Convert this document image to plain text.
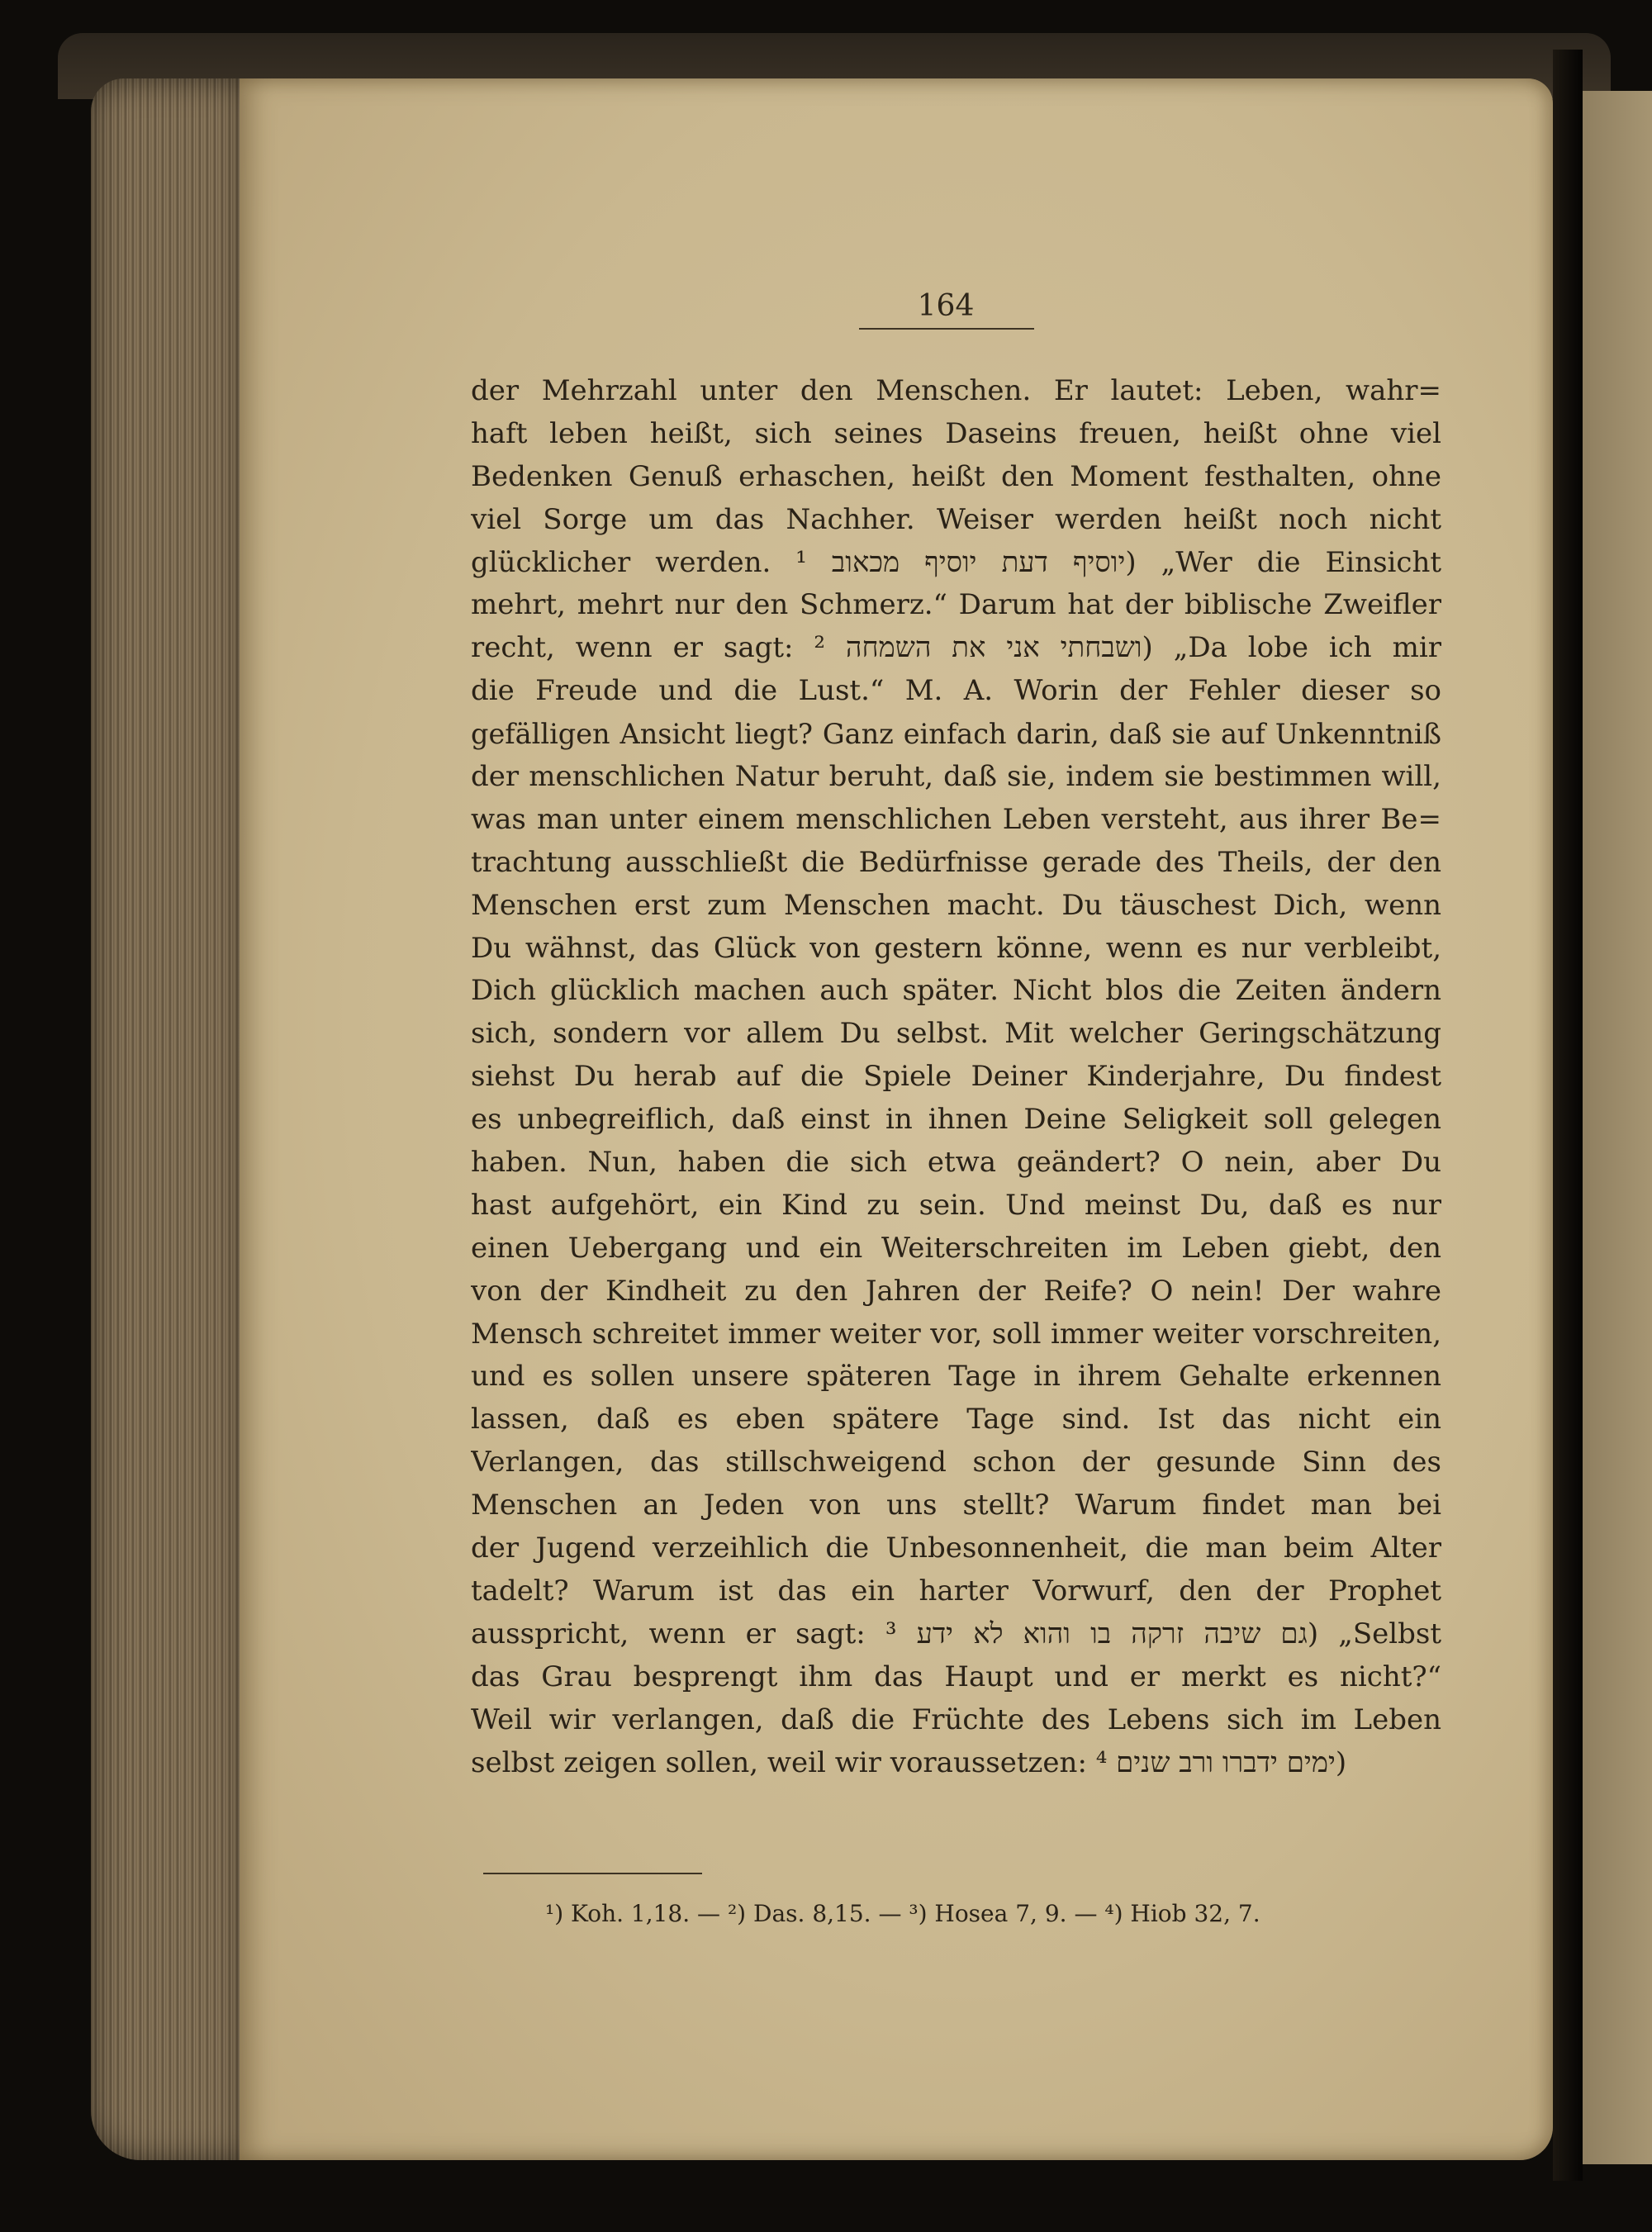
164
der Mehrzahl unter den Menschen. Er lautet: Leben, wahr=
haft leben heißt, sich seines Daseins freuen, heißt ohne viel
Bedenken Genuß erhaschen, heißt den Moment festhalten, ohne
viel Sorge um das Nachher. Weiser werden heißt noch nicht
glücklicher werden. יוסיף דעת יוסיף מכאוב ¹) „Wer die Einsicht
mehrt, mehrt nur den Schmerz.“ Darum hat der biblische Zweifler
recht, wenn er sagt: ושבחתי אני את השמחה ²) „Da lobe ich mir
die Freude und die Lust.“ M. A. Worin der Fehler dieser so
gefälligen Ansicht liegt? Ganz einfach darin, daß sie auf Unkenntniß
der menschlichen Natur beruht, daß sie, indem sie bestimmen will,
was man unter einem menschlichen Leben versteht, aus ihrer Be=
trachtung ausschließt die Bedürfnisse gerade des Theils, der den
Menschen erst zum Menschen macht. Du täuschest Dich, wenn
Du wähnst, das Glück von gestern könne, wenn es nur verbleibt,
Dich glücklich machen auch später. Nicht blos die Zeiten ändern
sich, sondern vor allem Du selbst. Mit welcher Geringschätzung
siehst Du herab auf die Spiele Deiner Kinderjahre, Du findest
es unbegreiflich, daß einst in ihnen Deine Seligkeit soll gelegen
haben. Nun, haben die sich etwa geändert? O nein, aber Du
hast aufgehört, ein Kind zu sein. Und meinst Du, daß es nur
einen Uebergang und ein Weiterschreiten im Leben giebt, den
von der Kindheit zu den Jahren der Reife? O nein! Der wahre
Mensch schreitet immer weiter vor, soll immer weiter vorschreiten,
und es sollen unsere späteren Tage in ihrem Gehalte erkennen
lassen, daß es eben spätere Tage sind. Ist das nicht ein
Verlangen, das stillschweigend schon der gesunde Sinn des
Menschen an Jeden von uns stellt? Warum findet man bei
der Jugend verzeihlich die Unbesonnenheit, die man beim Alter
tadelt? Warum ist das ein harter Vorwurf, den der Prophet
ausspricht, wenn er sagt: גם שיבה זרקה בו והוא לא ידע ³) „Selbst
das Grau besprengt ihm das Haupt und er merkt es nicht?“
Weil wir verlangen, daß die Früchte des Lebens sich im Leben
selbst zeigen sollen, weil wir voraussetzen: ימים ידברו ורב שנים ⁴)
¹) Koh. 1,18. — ²) Das. 8,15. — ³) Hosea 7, 9. — ⁴) Hiob 32, 7.
